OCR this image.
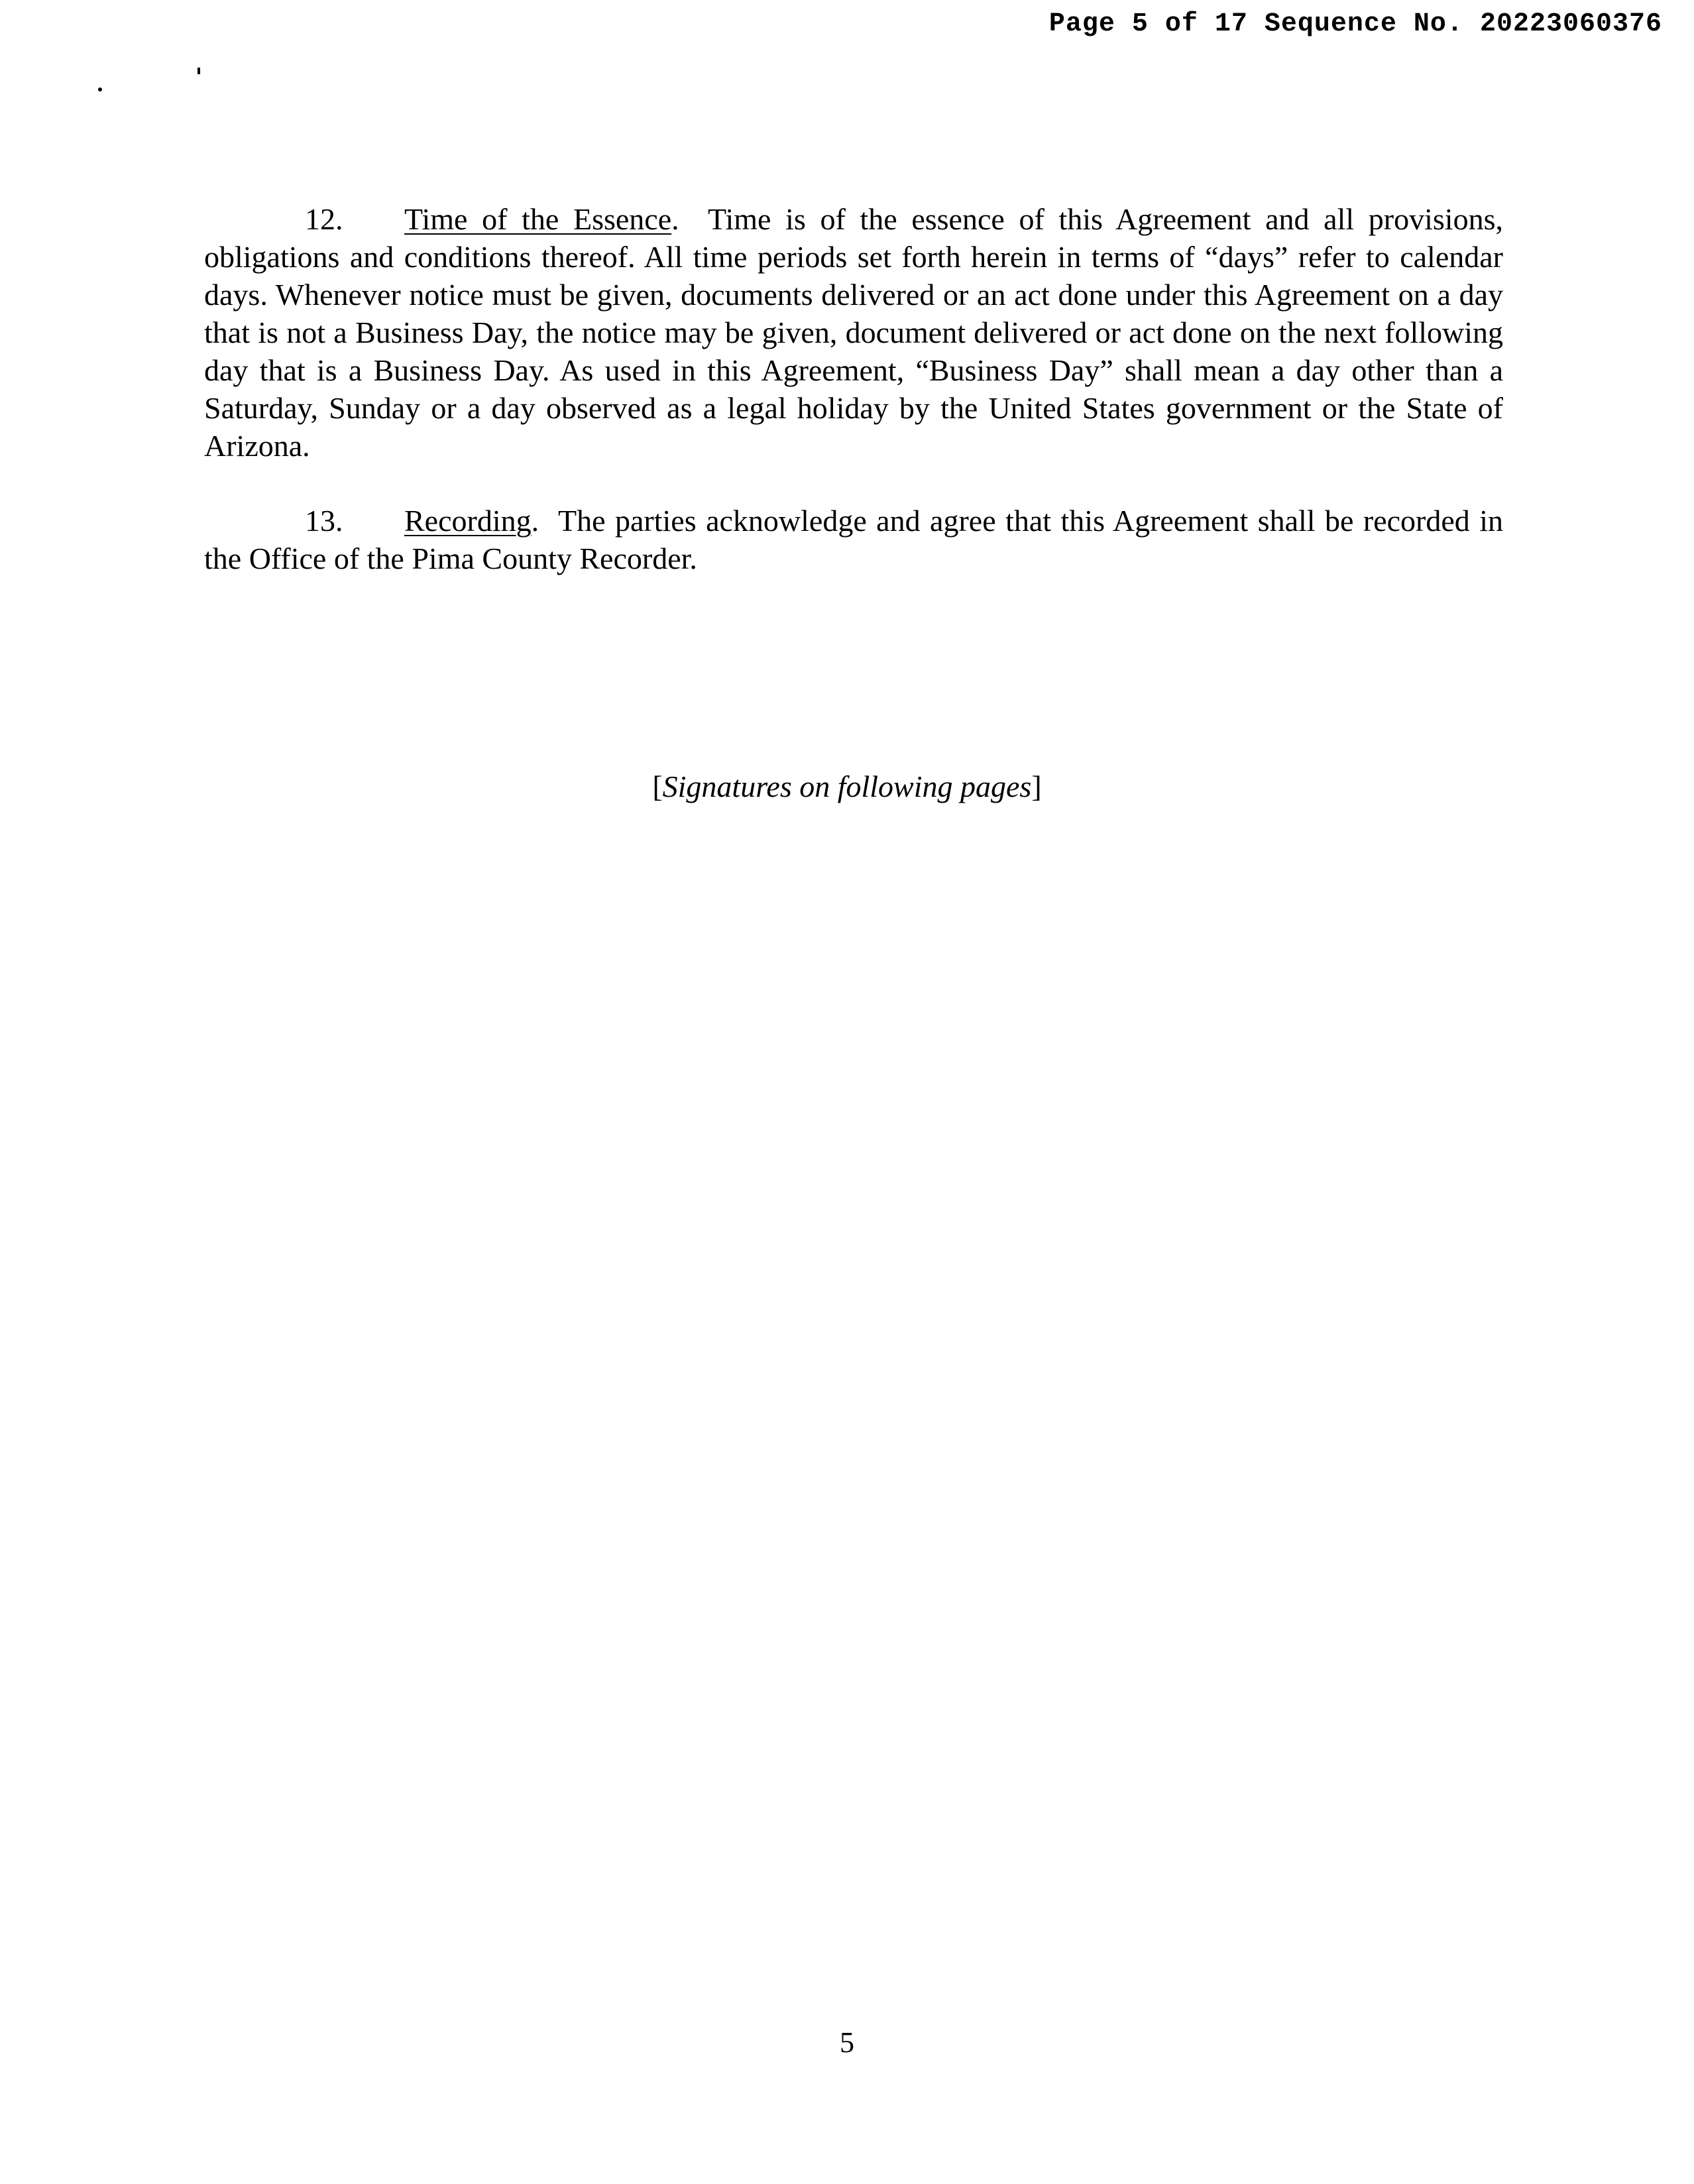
Page 5 of 17 Sequence No. 20223060376

12. Time of the Essence. Time is of the essence of this Agreement and all provisions, obligations and conditions thereof. All time periods set forth herein in terms of “days” refer to calendar days. Whenever notice must be given, documents delivered or an act done under this Agreement on a day that is not a Business Day, the notice may be given, document delivered or act done on the next following day that is a Business Day. As used in this Agreement, “Business Day” shall mean a day other than a Saturday, Sunday or a day observed as a legal holiday by the United States government or the State of Arizona.

13. Recording. The parties acknowledge and agree that this Agreement shall be recorded in the Office of the Pima County Recorder.

[Signatures on following pages]
5
